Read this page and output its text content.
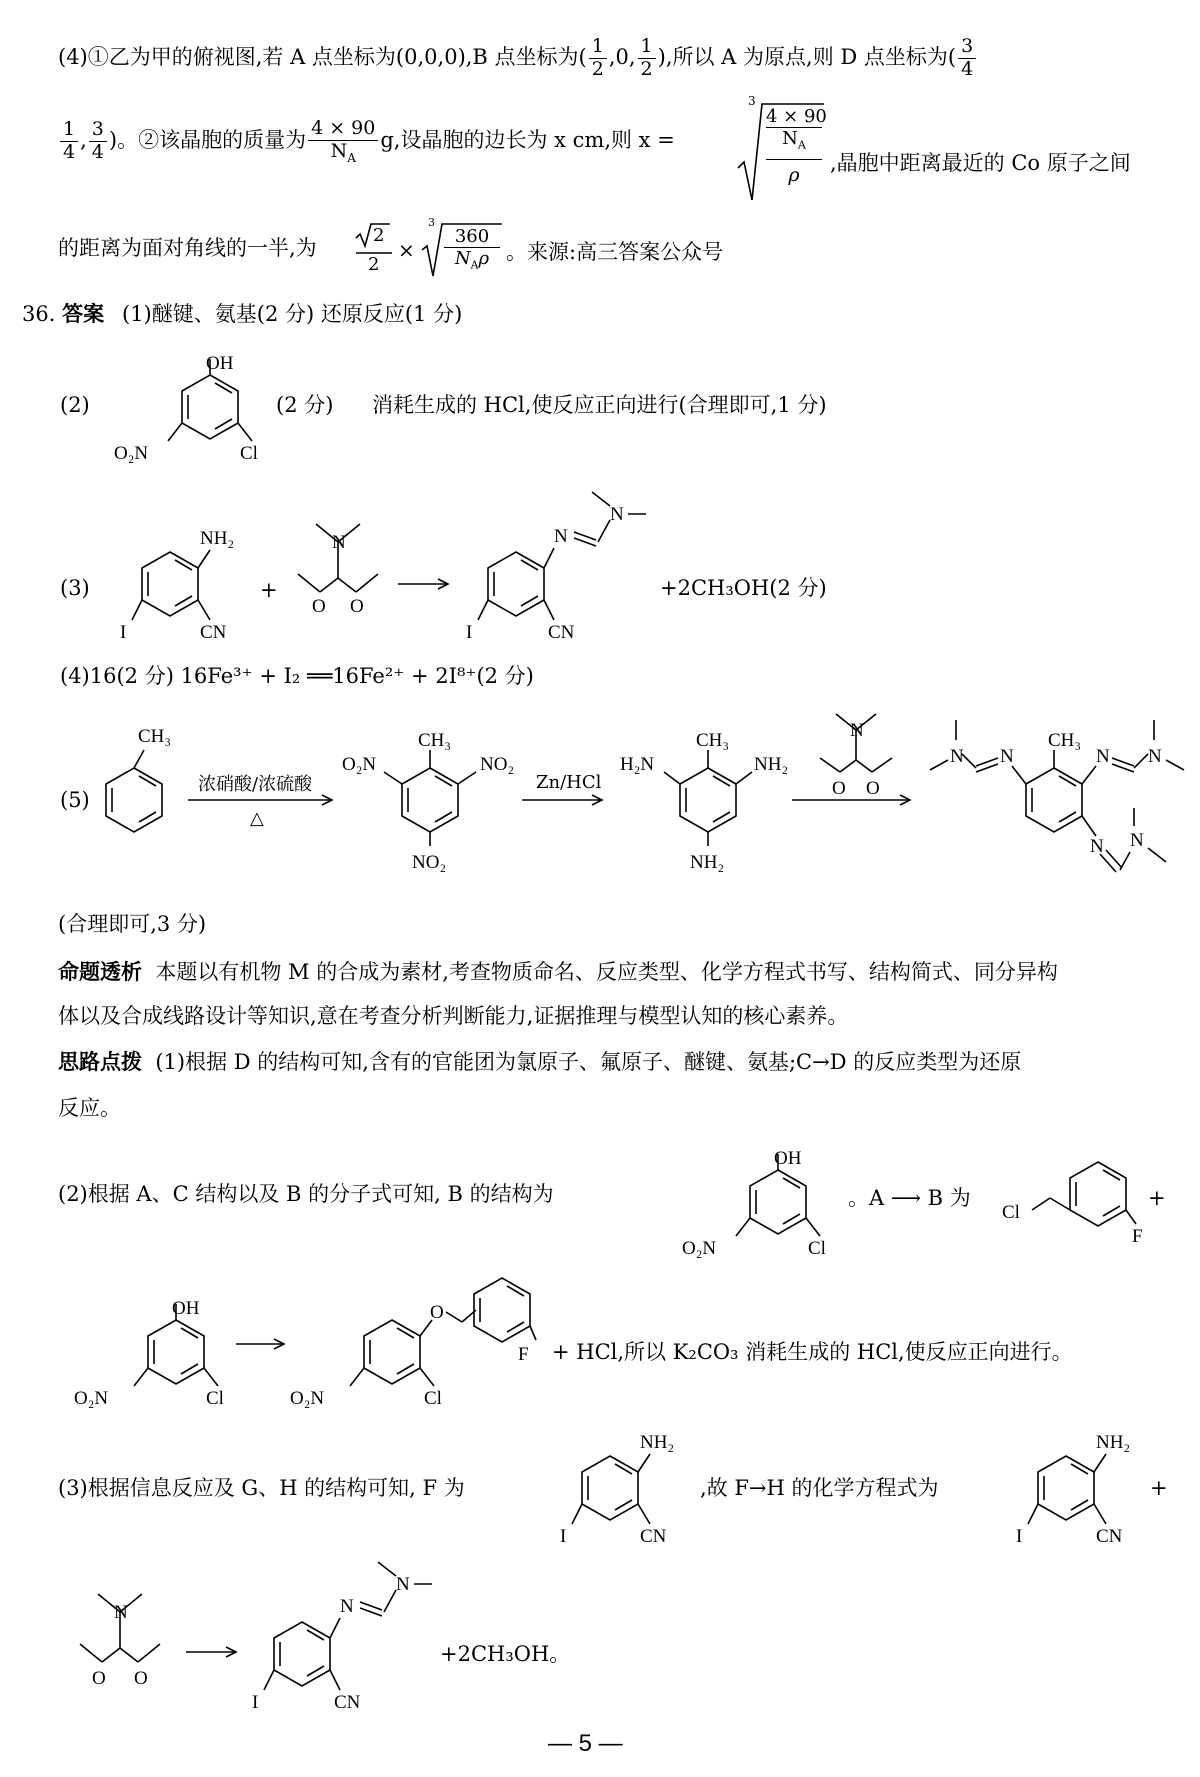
(4)①乙为甲的俯视图,若 A 点坐标为(0,0,0),B 点坐标为( $\frac{1}{2} ,0$, $\frac{1}{2}$ ),所以 A 为原点,则 D 点坐标为( $\frac{3}{4}$
$\frac{1}{4}$ , $\frac{3}{4}$ )。②该晶胞的质量为 $\frac{4 \times 90}{N_A} g$,设晶胞的边长为 x cm,则 x =
3
4 × 90
$N_A$
ρ	,晶胞中距离最近的 Co 原子之间
的距离为面对角线的一半,为
2
2
×
3
360
$N_A\rho$ 。来源:高三答案公众号
36. 答案 (1)醚键、氨基(2 分) 还原反应(1 分)
(2)
OH
Cl
O₂N
(2 分) 消耗生成的 HCl,使反应正向进行(合理即可,1 分)
(3)
NH₂
CN
I
+
N
O O
N
N
CN
I
+2CH₃OH(2 分)
(4)16(2 分) 16Fe³⁺ + I₂ ══16Fe²⁺ + 2I⁸⁺(2 分)
(5)
CH₃
浓硝酸/浓硫酸
△
CH₃
O₂N	NO₂
NO₂
Zn/HCl
CH₃
H₂N	NH₂
NH₂
N
O O
CH₃
N
N	N N
N N
(合理即可,3 分)
命题透析 本题以有机物 M 的合成为素材,考查物质命名、反应类型、化学方程式书写、结构简式、同分异构
体以及合成线路设计等知识,意在考查分析判断能力,证据推理与模型认知的核心素养。
思路点拨 (1)根据 D 的结构可知,含有的官能团为氯原子、氟原子、醚键、氨基;C→D 的反应类型为还原
反应。
(2)根据 A、C 结构以及 B 的分子式可知, B 的结构为
OH
Cl
O₂N
。A ⟶ B 为
Cl
F
+
OH
Cl
O₂N
O
F
Cl
O₂N
+ HCl,所以 K₂CO₃ 消耗生成的 HCl,使反应正向进行。
(3)根据信息反应及 G、H 的结构可知, F 为
NH₂
CN
I
,故 F→H 的化学方程式为
NH₂
CN
I
+
N
O O
N
N
CN
I
+2CH₃OH。
— 5 —
